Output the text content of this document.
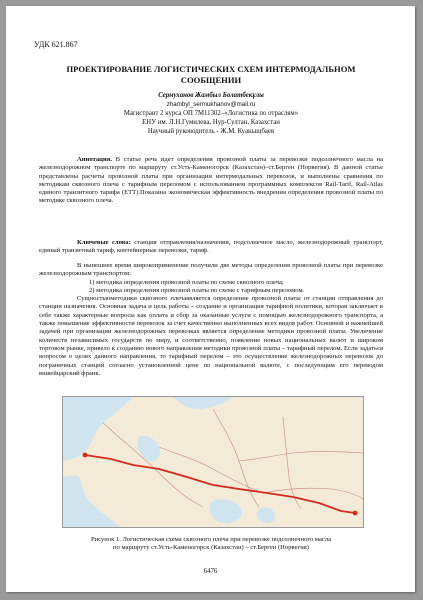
УДК 621.867
ПРОЕКТИРОВАНИЕ ЛОГИСТИЧЕСКИХ СХЕМ ИНТЕРМОДАЛЬНОМ
СООБЩЕНИИ
Сермуханов Жамбыл Болатбекұлы
zhambyl_sermukhanov@mail.ru
Магистрант 2 курса ОП 7М11302–«Логистика по отраслям»
ЕНУ им. Л.Н.Гумилева, Нур-Султан, Казахстан
Научный руководитель - Ж.М. Куаныщбаев
Аннотация. В статье речь идет определения провозной платы за перевозки подсолнечного масла на железнодорожном транспорте по маршруту ст.Усть-Каменогорск (Казахстан)–ст.Берген (Норвегия). В данной статье представлены расчеты провозной платы при организации интермодальных перевозок, и выполнены сравнения по методикам сквозного плеча с тарифным переломом с использованием программных комплексов Rail-Tarif, Rail-Atlas единого транзитного тарифа (ЕТТ).Показана экономическая эффективность внедрения определения провозной платы по методике сквозного плеча.
Ключевые слова: станция отправления/назначения, подсолнечное масло, железнодорожный транспорт, единый транзитный тариф, контейнерные перевозки, тариф.

В нынешнее время широкоприменение получили две методы определения провозной платы при перевозке железнодорожным транспортом:

1) методика определения провозной платы по схеме сквозного плеча;

2) методика определения провозной платы по схеме с тарифным переломом.

Сущностьюметодики сквозного плечаявляется определение провозной платы от станции отправления до станции назначения. Основная задача и цель работы – создание и организация тарифной политики, которая заключает в себе также характерные вопросы как оплата и сбор за оказанные услуги с помощью железнодорожного транспорта, а также повышение эффективности перевозок за счет качественно выполненных всех видов работ. Основной и важнейшей задачей при организации железнодорожных перевозках является определение методики провозной платы. Увеличение количеств независимых государств по миру, и соответственно, появление новых национальных валют и широком торговом рынке, привело к созданию нового направления методики провозной платы – тарифный перелом. Если задаться вопросом о целях данного направления, то тарифный перелом – это осуществление железнодорожных перевозок до пограничных станций согласно установленной цене по национальной валюте, с последующим его переводом вшвейцарский франк.

Рисунок 1. Логистическая схема сквозного плеча при перевозке подсолнечного масла
по маршруту ст.Усть-Каменогорск (Казахстан) – ст.Берген (Норвегия)
6476
